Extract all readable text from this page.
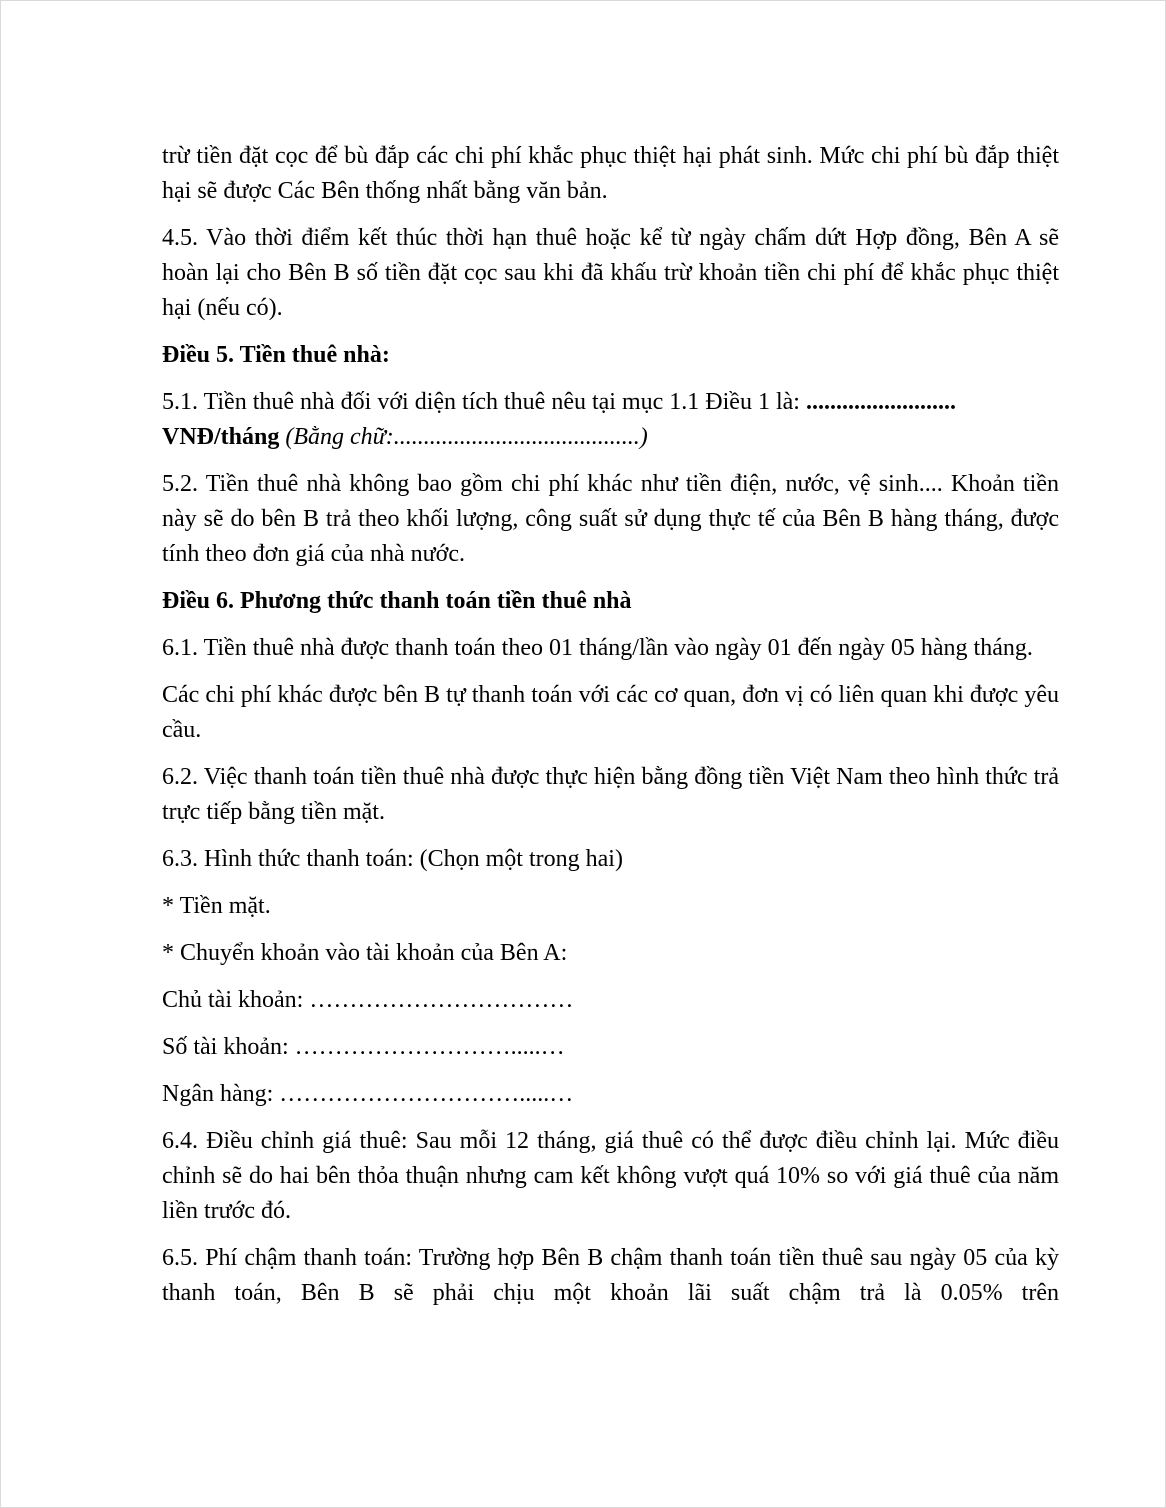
trừ tiền đặt cọc để bù đắp các chi phí khắc phục thiệt hại phát sinh. Mức chi phí bù đắp thiệt hại sẽ được Các Bên thống nhất bằng văn bản.

4.5. Vào thời điểm kết thúc thời hạn thuê hoặc kể từ ngày chấm dứt Hợp đồng, Bên A sẽ hoàn lại cho Bên B số tiền đặt cọc sau khi đã khấu trừ khoản tiền chi phí để khắc phục thiệt hại (nếu có).

Điều 5. Tiền thuê nhà:

5.1. Tiền thuê nhà đối với diện tích thuê nêu tại mục 1.1 Điều 1 là: .........................
VNĐ/tháng (Bằng chữ:.........................................)

5.2. Tiền thuê nhà không bao gồm chi phí khác như tiền điện, nước, vệ sinh.... Khoản tiền này sẽ do bên B trả theo khối lượng, công suất sử dụng thực tế của Bên B hàng tháng, được tính theo đơn giá của nhà nước.

Điều 6. Phương thức thanh toán tiền thuê nhà

6.1. Tiền thuê nhà được thanh toán theo 01 tháng/lần vào ngày 01 đến ngày 05 hàng tháng.

Các chi phí khác được bên B tự thanh toán với các cơ quan, đơn vị có liên quan khi được yêu cầu.

6.2. Việc thanh toán tiền thuê nhà được thực hiện bằng đồng tiền Việt Nam theo hình thức trả trực tiếp bằng tiền mặt.

6.3. Hình thức thanh toán: (Chọn một trong hai)

* Tiền mặt.

* Chuyển khoản vào tài khoản của Bên A:

Chủ tài khoản: ……………………………

Số tài khoản: ……………………….....…

Ngân hàng: ………………………….....…

6.4. Điều chỉnh giá thuê: Sau mỗi 12 tháng, giá thuê có thể được điều chỉnh lại. Mức điều chỉnh sẽ do hai bên thỏa thuận nhưng cam kết không vượt quá 10% so với giá thuê của năm liền trước đó.

6.5. Phí chậm thanh toán: Trường hợp Bên B chậm thanh toán tiền thuê sau ngày 05 của kỳ thanh toán, Bên B sẽ phải chịu một khoản lãi suất chậm trả là 0.05% trên
